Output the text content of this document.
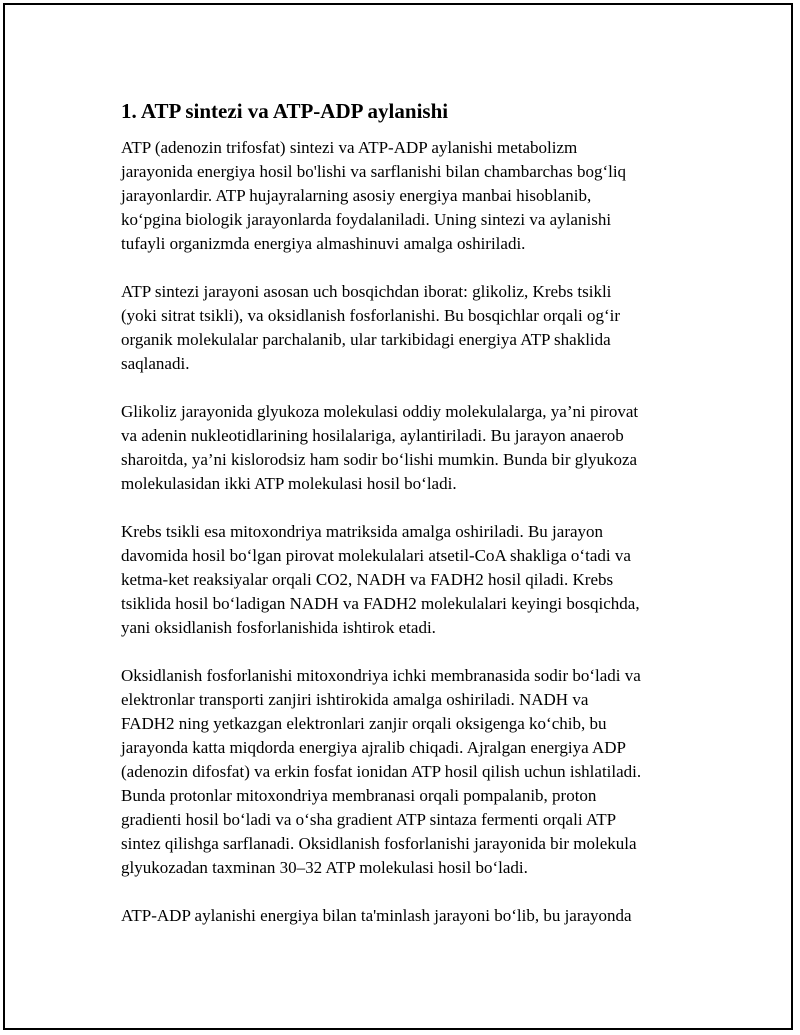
1. ATP sintezi va ATP-ADP aylanishi

ATP (adenozin trifosfat) sintezi va ATP-ADP aylanishi metabolizm
jarayonida energiya hosil bo'lishi va sarflanishi bilan chambarchas bog‘liq
jarayonlardir. ATP hujayralarning asosiy energiya manbai hisoblanib,
ko‘pgina biologik jarayonlarda foydalaniladi. Uning sintezi va aylanishi
tufayli organizmda energiya almashinuvi amalga oshiriladi.

ATP sintezi jarayoni asosan uch bosqichdan iborat: glikoliz, Krebs tsikli
(yoki sitrat tsikli), va oksidlanish fosforlanishi. Bu bosqichlar orqali og‘ir
organik molekulalar parchalanib, ular tarkibidagi energiya ATP shaklida
saqlanadi.

Glikoliz jarayonida glyukoza molekulasi oddiy molekulalarga, ya’ni pirovat
va adenin nukleotidlarining hosilalariga, aylantiriladi. Bu jarayon anaerob
sharoitda, ya’ni kislorodsiz ham sodir bo‘lishi mumkin. Bunda bir glyukoza
molekulasidan ikki ATP molekulasi hosil bo‘ladi.

Krebs tsikli esa mitoxondriya matriksida amalga oshiriladi. Bu jarayon
davomida hosil bo‘lgan pirovat molekulalari atsetil-CoA shakliga o‘tadi va
ketma-ket reaksiyalar orqali CO2, NADH va FADH2 hosil qiladi. Krebs
tsiklida hosil bo‘ladigan NADH va FADH2 molekulalari keyingi bosqichda,
yani oksidlanish fosforlanishida ishtirok etadi.

Oksidlanish fosforlanishi mitoxondriya ichki membranasida sodir bo‘ladi va
elektronlar transporti zanjiri ishtirokida amalga oshiriladi. NADH va
FADH2 ning yetkazgan elektronlari zanjir orqali oksigenga ko‘chib, bu
jarayonda katta miqdorda energiya ajralib chiqadi. Ajralgan energiya ADP
(adenozin difosfat) va erkin fosfat ionidan ATP hosil qilish uchun ishlatiladi.
Bunda protonlar mitoxondriya membranasi orqali pompalanib, proton
gradienti hosil bo‘ladi va o‘sha gradient ATP sintaza fermenti orqali ATP
sintez qilishga sarflanadi. Oksidlanish fosforlanishi jarayonida bir molekula
glyukozadan taxminan 30–32 ATP molekulasi hosil bo‘ladi.

ATP-ADP aylanishi energiya bilan ta'minlash jarayoni bo‘lib, bu jarayonda
